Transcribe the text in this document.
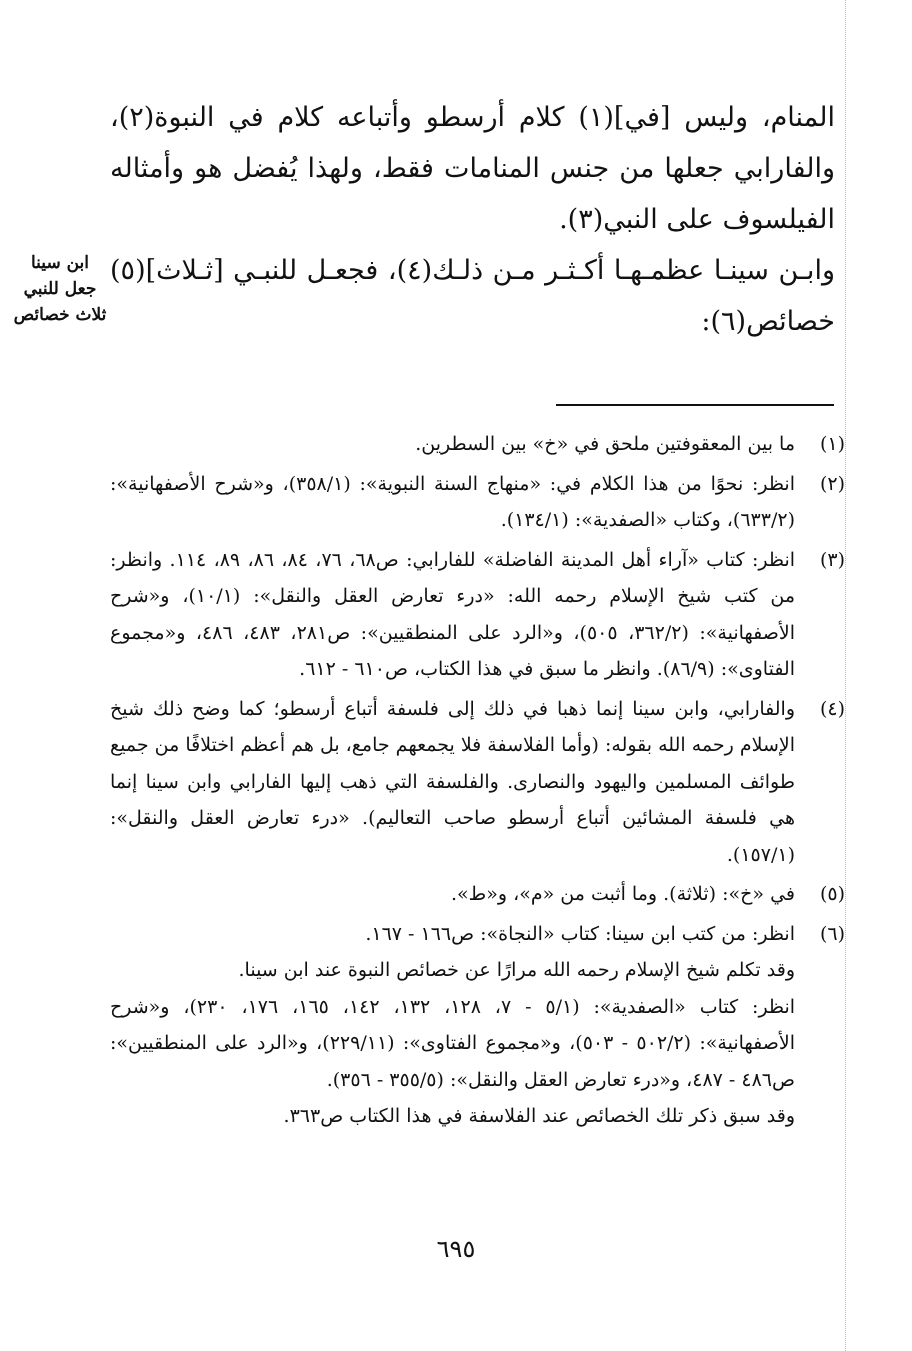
المنام، وليس [في](١) كلام أرسطو وأتباعه كلام في النبوة(٢)، والفارابي جعلها من جنس المنامات فقط، ولهذا يُفضل هو وأمثاله الفيلسوف على النبي(٣).

وابـن سينـا عظمـهـا أكـثـر مـن ذلـك(٤)، فجعـل للنبـي [ثـلاث](٥) خصائص(٦):

ابن سينا
جعل للنبي
ثلاث خصائص
(١)
ما بين المعقوفتين ملحق في «خ» بين السطرين.
(٢)
انظر: نحوًا من هذا الكلام في: «منهاج السنة النبوية»: (٣٥٨/١)، و«شرح الأصفهانية»: (٦٣٣/٢)، وكتاب «الصفدية»: (١٣٤/١).
(٣)
انظر: كتاب «آراء أهل المدينة الفاضلة» للفارابي: ص٦٨، ٧٦، ٨٤، ٨٦، ٨٩، ١١٤. وانظر: من كتب شيخ الإسلام رحمه الله: «درء تعارض العقل والنقل»: (١٠/١)، و«شرح الأصفهانية»: (٣٦٢/٢، ٥٠٥)، و«الرد على المنطقيين»: ص٢٨١، ٤٨٣، ٤٨٦، و«مجموع الفتاوى»: (٨٦/٩). وانظر ما سبق في هذا الكتاب، ص٦١٠ - ٦١٢.
(٤)
والفارابي، وابن سينا إنما ذهبا في ذلك إلى فلسفة أتباع أرسطو؛ كما وضح ذلك شيخ الإسلام رحمه الله بقوله: (وأما الفلاسفة فلا يجمعهم جامع، بل هم أعظم اختلافًا من جميع طوائف المسلمين واليهود والنصارى. والفلسفة التي ذهب إليها الفارابي وابن سينا إنما هي فلسفة المشائين أتباع أرسطو صاحب التعاليم). «درء تعارض العقل والنقل»: (١٥٧/١).
(٥)
في «خ»: (ثلاثة). وما أثبت من «م»، و«ط».
(٦)
انظر: من كتب ابن سينا: كتاب «النجاة»: ص١٦٦ - ١٦٧.
وقد تكلم شيخ الإسلام رحمه الله مرارًا عن خصائص النبوة عند ابن سينا.
انظر: كتاب «الصفدية»: (٥/١ - ٧، ١٢٨، ١٣٢، ١٤٢، ١٦٥، ١٧٦، ٢٣٠)، و«شرح الأصفهانية»: (٥٠٢/٢ - ٥٠٣)، و«مجموع الفتاوى»: (٢٢٩/١١)، و«الرد على المنطقيين»: ص٤٨٦ - ٤٨٧، و«درء تعارض العقل والنقل»: (٣٥٥/٥ - ٣٥٦).
وقد سبق ذكر تلك الخصائص عند الفلاسفة في هذا الكتاب ص٣٦٣.
٦٩٥
